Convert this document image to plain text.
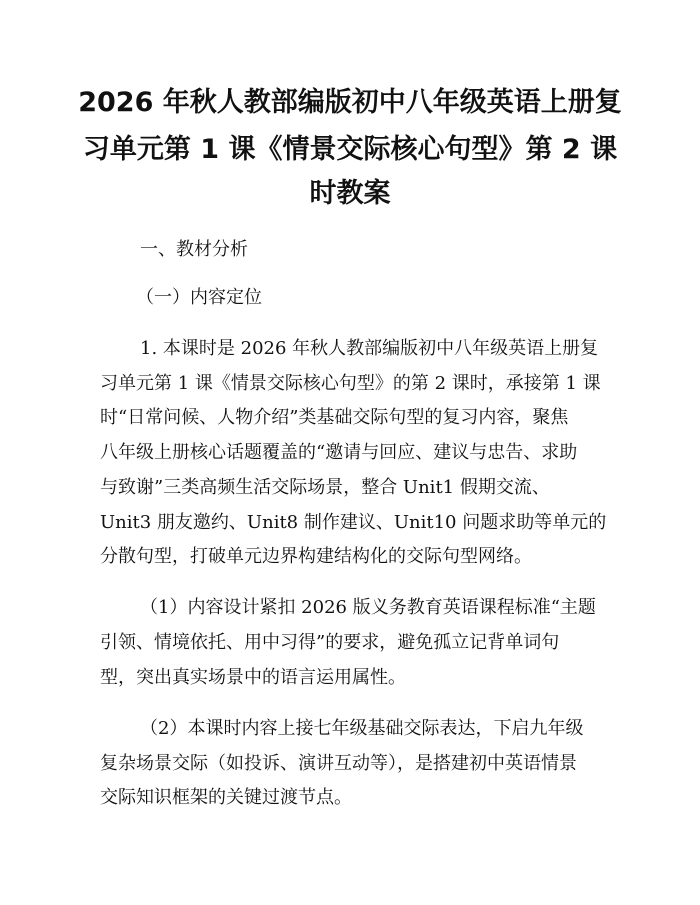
2026 年秋人教部编版初中八年级英语上册复
习单元第 1 课《情景交际核心句型》第 2 课
时教案
一、教材分析
（一）内容定位
1. 本课时是 2026 年秋人教部编版初中八年级英语上册复
习单元第 1 课《情景交际核心句型》的第 2 课时，承接第 1 课
时“日常问候、人物介绍”类基础交际句型的复习内容，聚焦
八年级上册核心话题覆盖的“邀请与回应、建议与忠告、求助
与致谢”三类高频生活交际场景，整合 Unit1 假期交流、
Unit3 朋友邀约、Unit8 制作建议、Unit10 问题求助等单元的
分散句型，打破单元边界构建结构化的交际句型网络。
（1）内容设计紧扣 2026 版义务教育英语课程标准“主题
引领、情境依托、用中习得”的要求，避免孤立记背单词句
型，突出真实场景中的语言运用属性。
（2）本课时内容上接七年级基础交际表达，下启九年级
复杂场景交际（如投诉、演讲互动等），是搭建初中英语情景
交际知识框架的关键过渡节点。
